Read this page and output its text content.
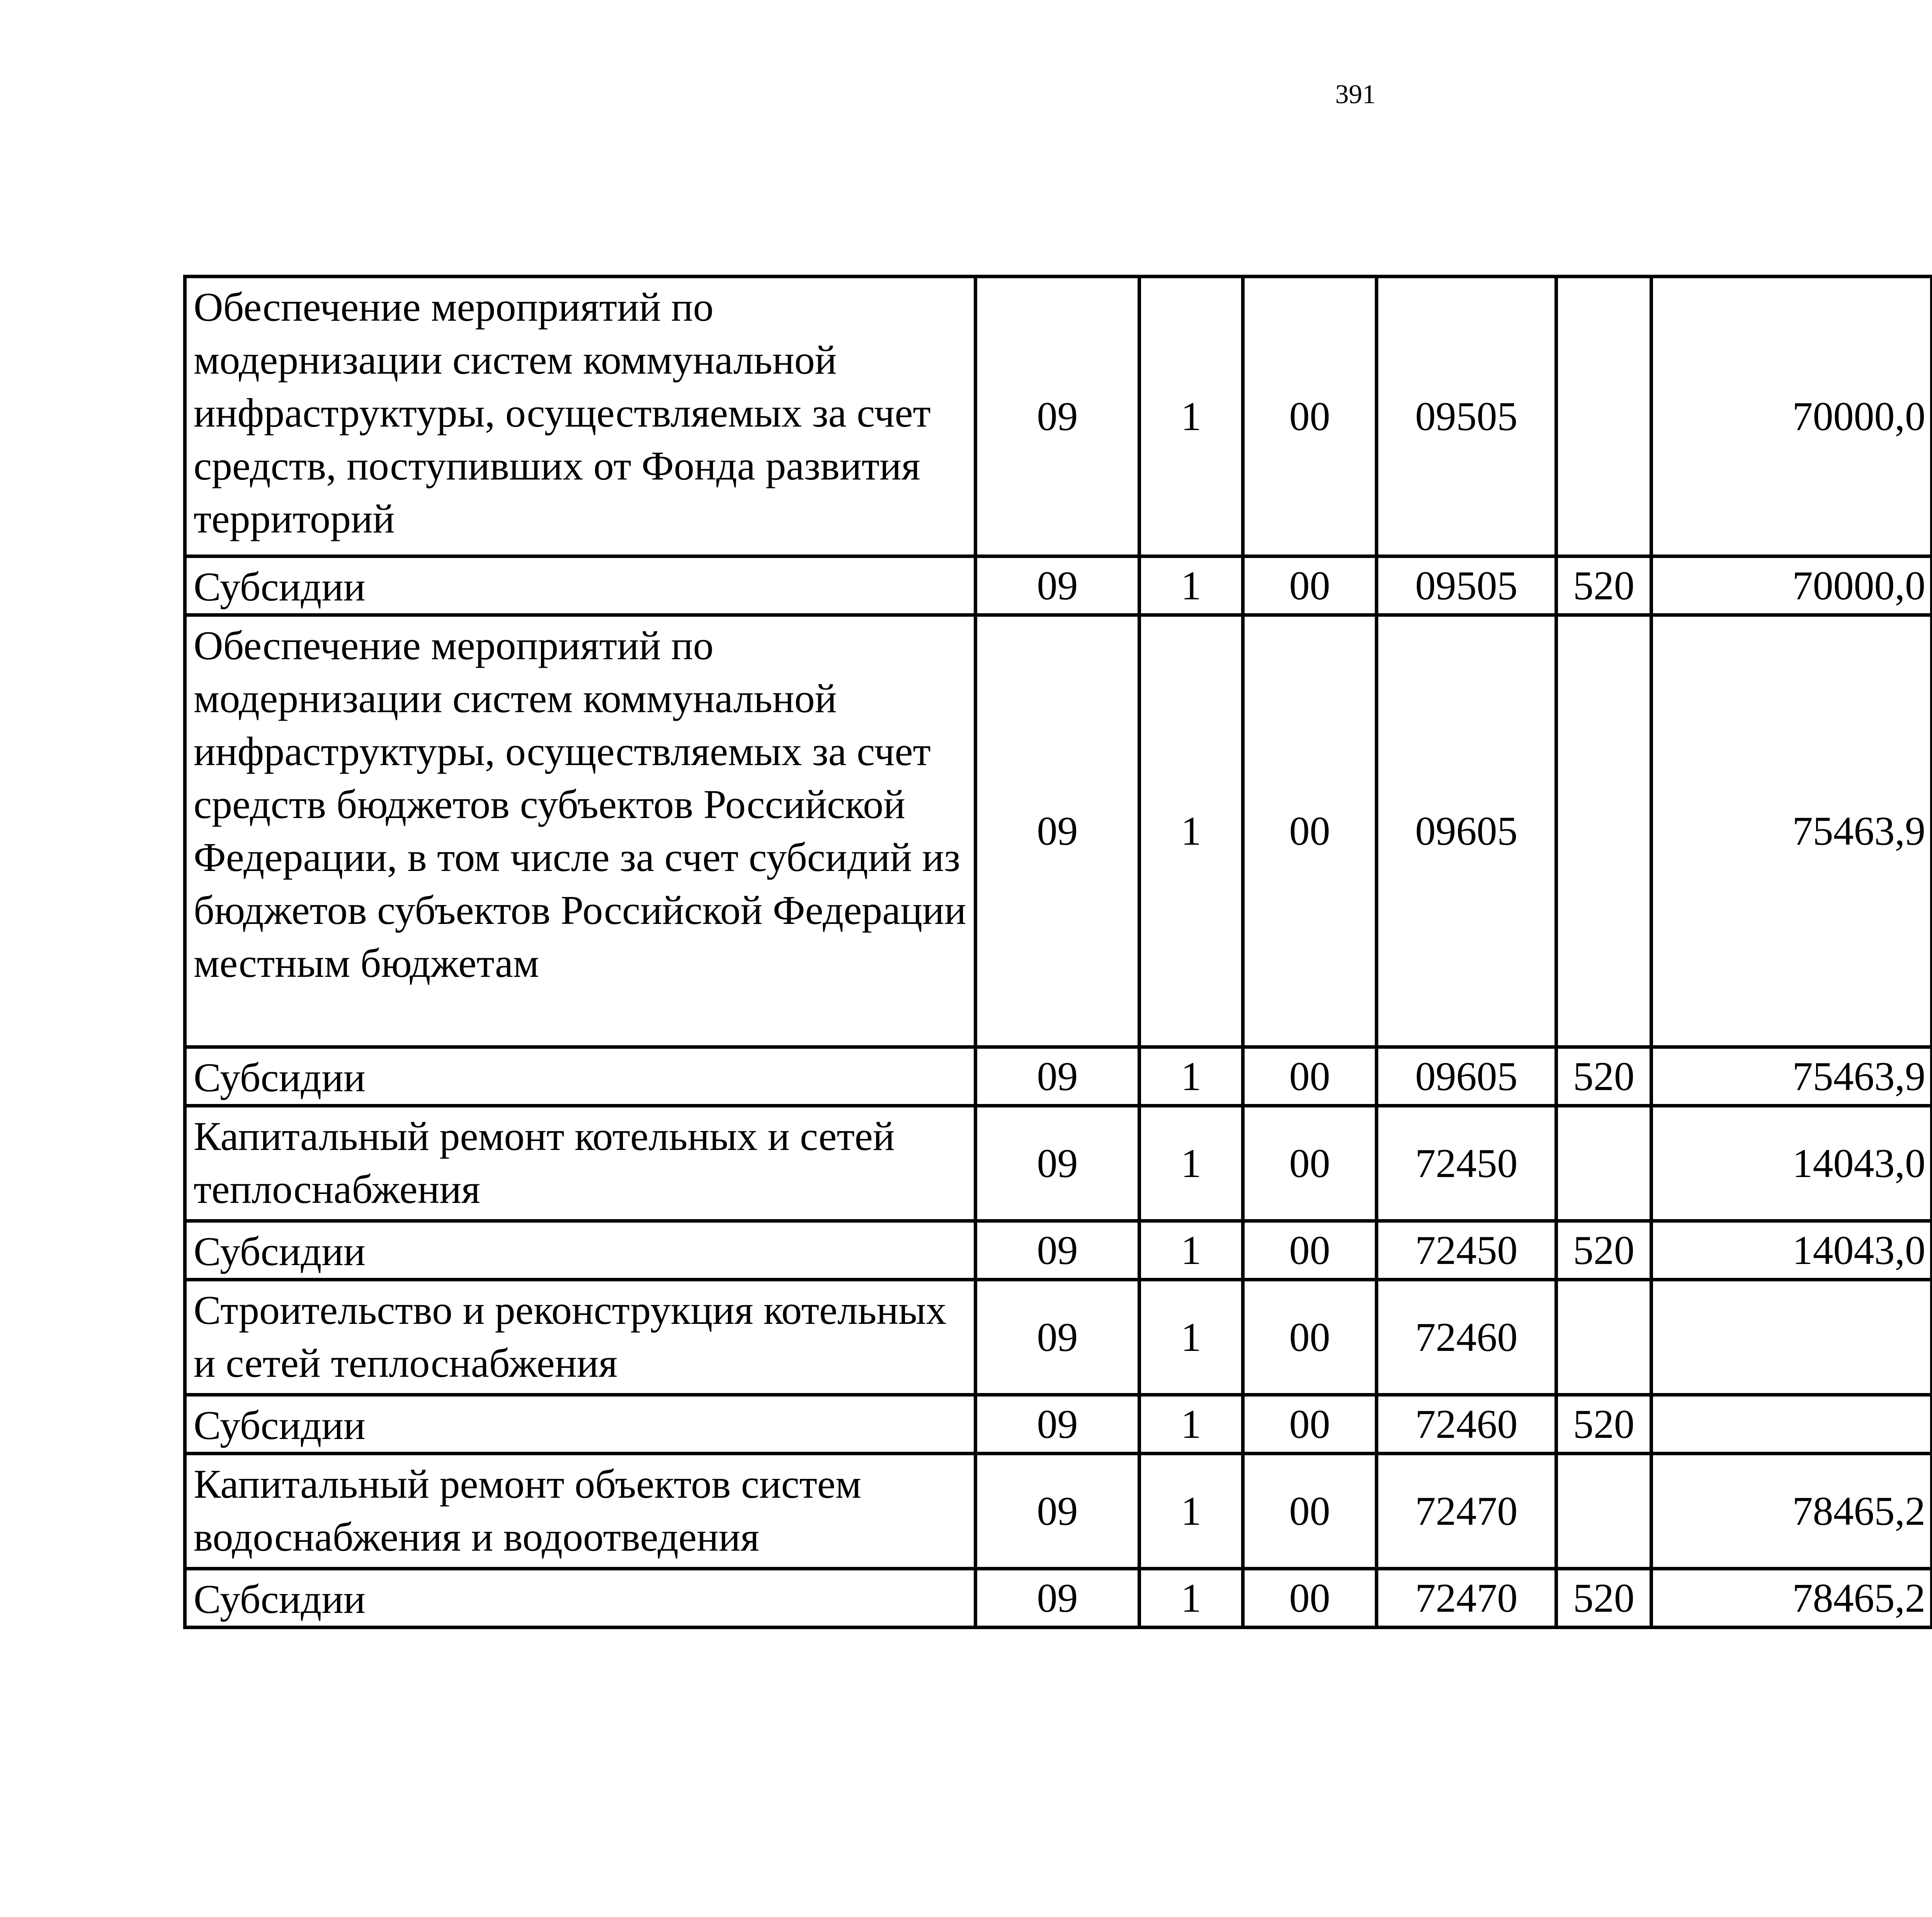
391
Обеспечение мероприятий по модернизации систем коммунальной инфраструктуры, осуществляемых за счет средств, поступивших от Фонда развития территорий	09	1	00	09505		70000,0		

Субсидии	09	1	00	09505	520	70000,0		

Обеспечение мероприятий по модернизации систем коммунальной инфраструктуры, осуществляемых за счет средств бюджетов субъектов Российской Федерации, в том числе за счет субсидий из бюджетов субъектов Российской Федерации местным бюджетам	09	1	00	09605		75463,9		

Субсидии	09	1	00	09605	520	75463,9		

Капитальный ремонт котельных и сетей теплоснабжения	09	1	00	72450		14043,0		

Субсидии	09	1	00	72450	520	14043,0		

Строительство и реконструкция котельных и сетей теплоснабжения	09	1	00	72460				

Субсидии	09	1	00	72460	520			

Капитальный ремонт объектов систем водоснабжения и водоотведения	09	1	00	72470		78465,2		

Субсидии	09	1	00	72470	520	78465,2		
